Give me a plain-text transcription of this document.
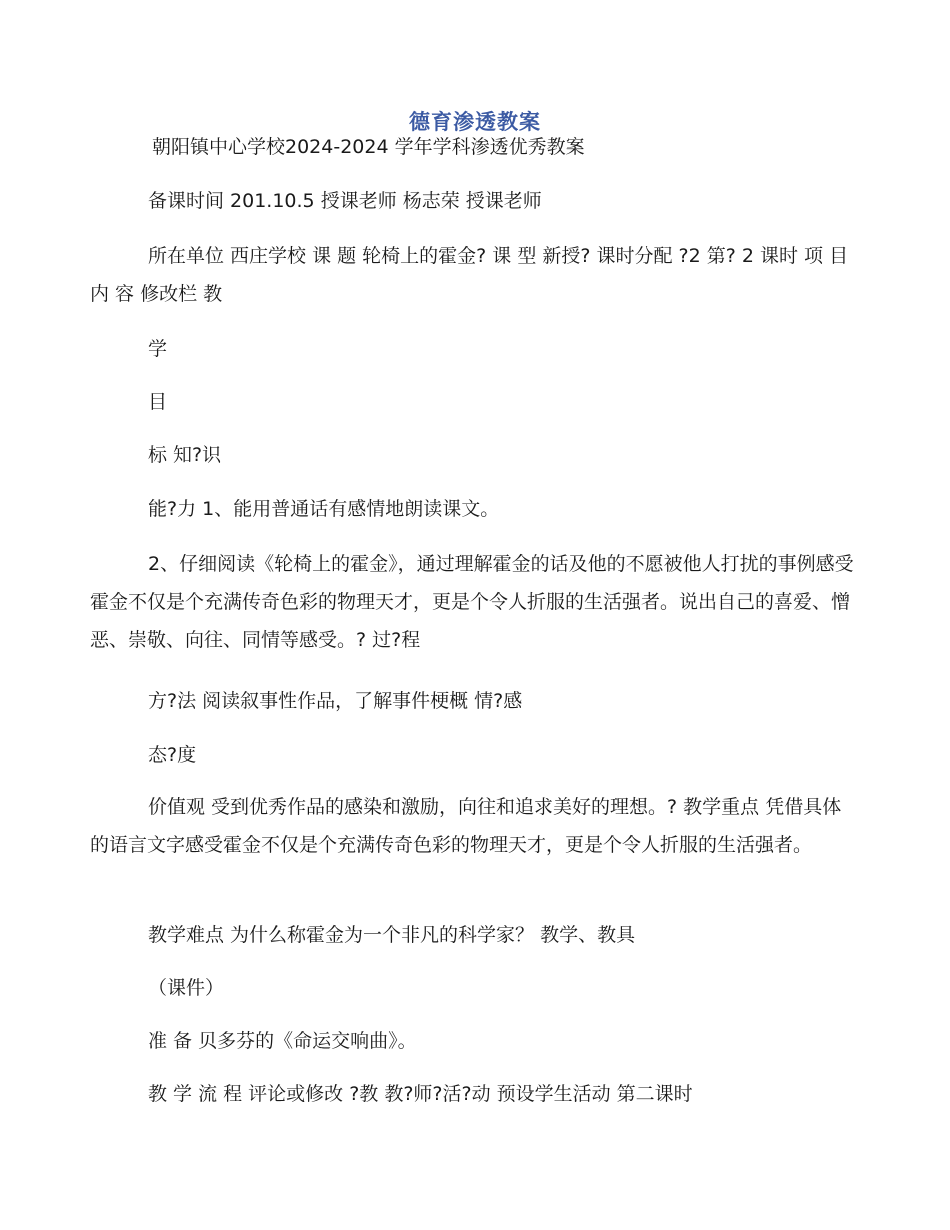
德育渗透教案
朝阳镇中心学校2024-2024 学年学科渗透优秀教案
备课时间 201.10.5 授课老师 杨志荣 授课老师
所在单位 西庄学校 课 题 轮椅上的霍金? 课 型 新授? 课时分配 ?2 第? 2 课时 项 目 内 容 修改栏 教
学
目
标 知?识
能?力 1、能用普通话有感情地朗读课文。
2、仔细阅读《轮椅上的霍金》，通过理解霍金的话及他的不愿被他人打扰的事例感受霍金不仅是个充满传奇色彩的物理天才，更是个令人折服的生活强者。说出自己的喜爱、憎恶、崇敬、向往、同情等感受。? 过?程
方?法 阅读叙事性作品，了解事件梗概 情?感
态?度
价值观 受到优秀作品的感染和激励，向往和追求美好的理想。? 教学重点 凭借具体的语言文字感受霍金不仅是个充满传奇色彩的物理天才，更是个令人折服的生活强者。
教学难点 为什么称霍金为一个非凡的科学家？ 教学、教具
（课件）
准 备 贝多芬的《命运交响曲》。
教 学 流 程 评论或修改 ?教 教?师?活?动 预设学生活动 第二课时
